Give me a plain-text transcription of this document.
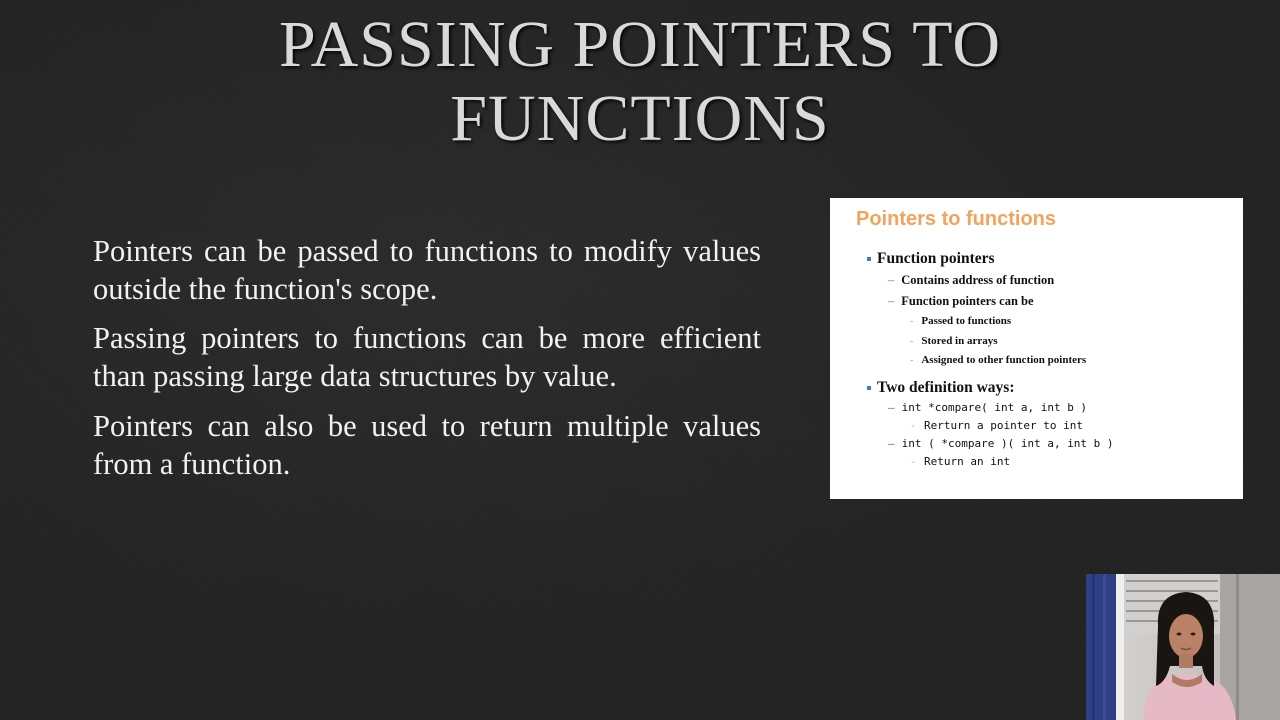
PASSING POINTERS TO
FUNCTIONS

Pointers can be passed to functions to modify values outside the function's scope.

Passing pointers to functions can be more efficient than passing large data structures by value.

Pointers can also be used to return multiple values from a function.

Pointers to functions
Function pointers
– Contains address of function
– Function pointers can be
- Passed to functions
- Stored in arrays
- Assigned to other function pointers
Two definition ways:
– int *compare( int a, int b )
- Rerturn a pointer to int
– int ( *compare )( int a, int b )
- Return an int
